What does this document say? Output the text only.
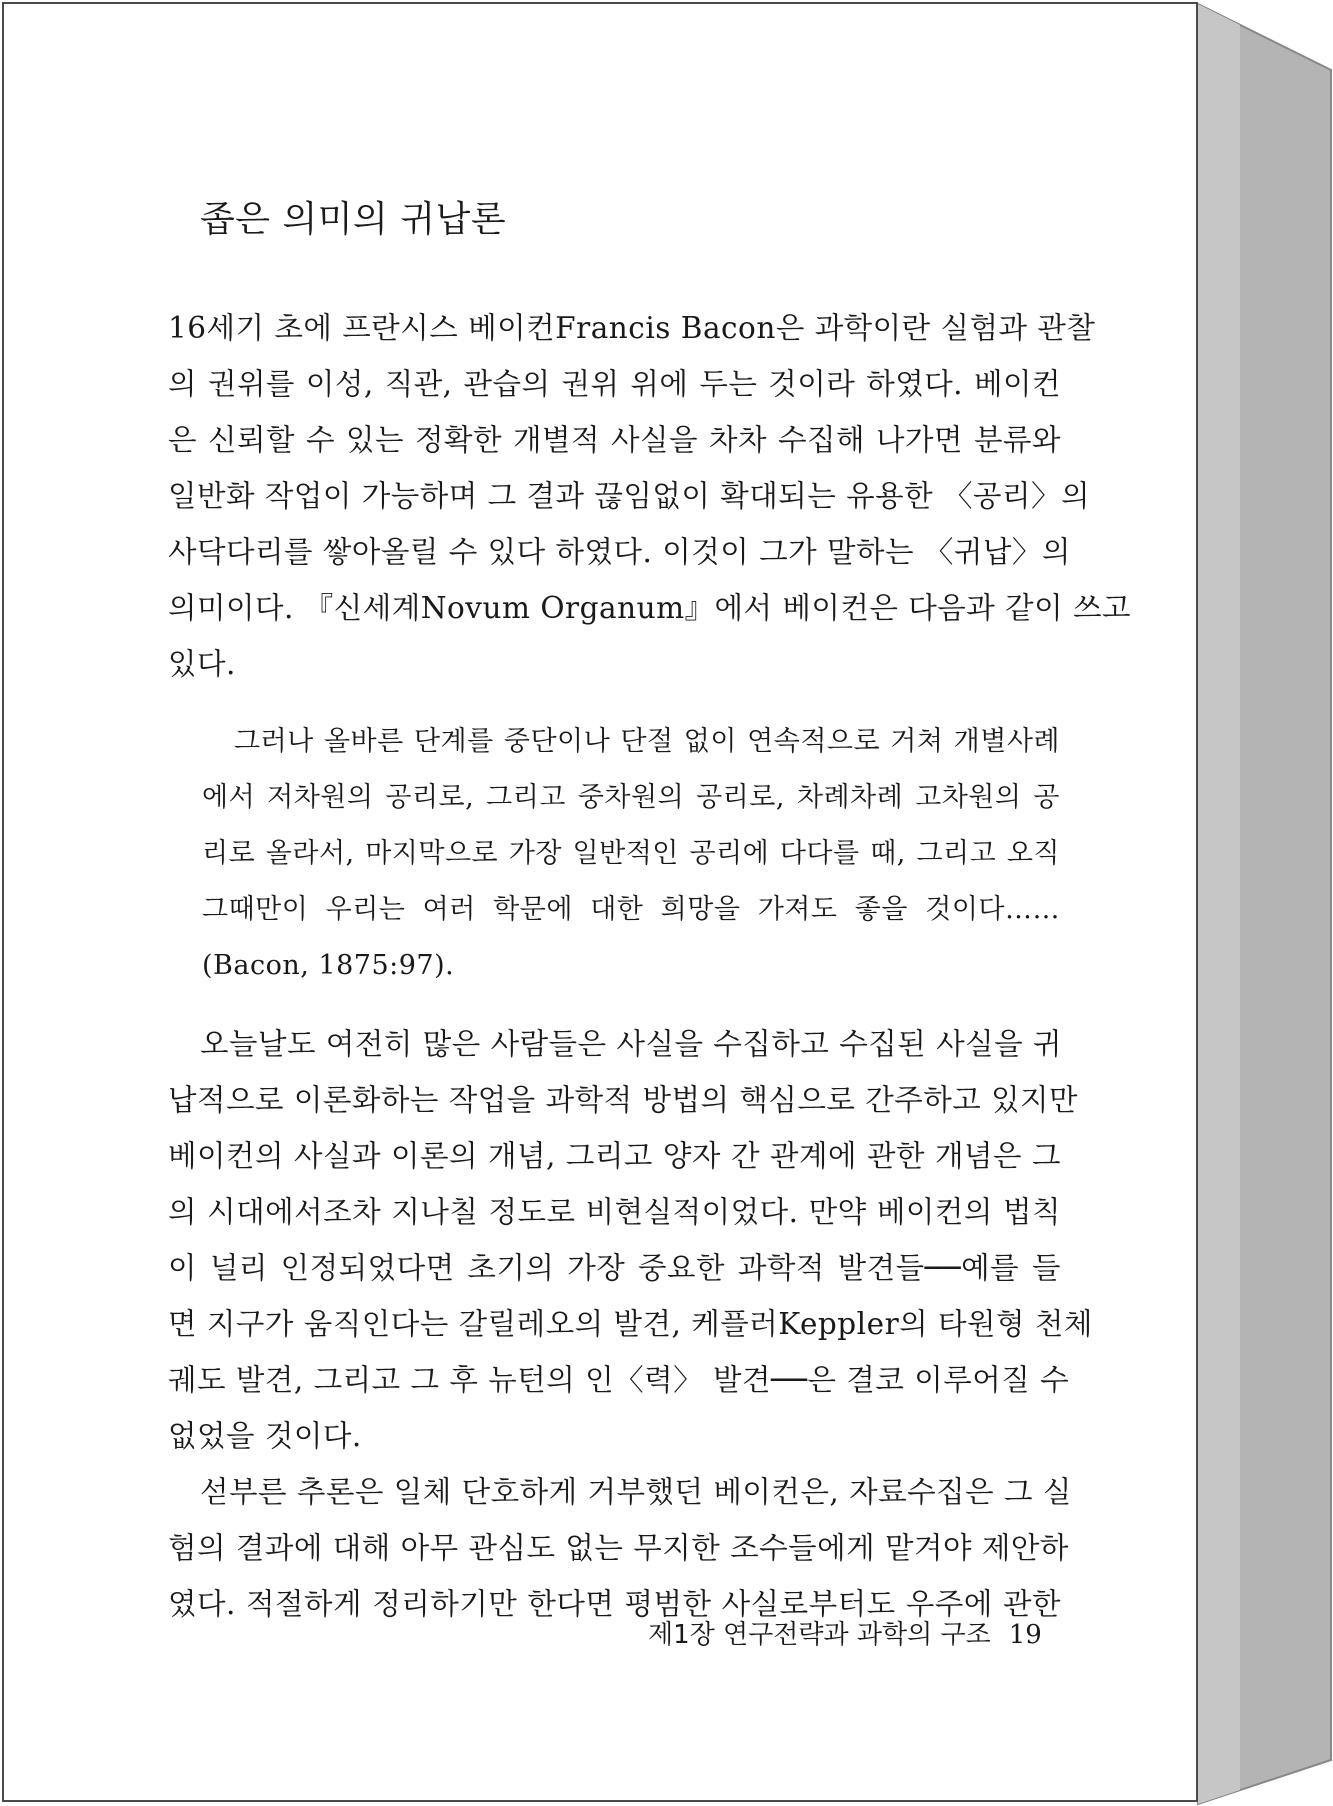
좁은 의미의 귀납론
16세기 초에 프란시스 베이컨Francis Bacon은 과학이란 실험과 관찰
의 권위를 이성, 직관, 관습의 권위 위에 두는 것이라 하였다. 베이컨
은 신뢰할 수 있는 정확한 개별적 사실을 차차 수집해 나가면 분류와
일반화 작업이 가능하며 그 결과 끊임없이 확대되는 유용한 〈공리〉의
사닥다리를 쌓아올릴 수 있다 하였다. 이것이 그가 말하는 〈귀납〉의
의미이다. 『신세계Novum Organum』에서 베이컨은 다음과 같이 쓰고
있다.
그러나 올바른 단계를 중단이나 단절 없이 연속적으로 거쳐 개별사례
에서 저차원의 공리로, 그리고 중차원의 공리로, 차례차례 고차원의 공
리로 올라서, 마지막으로 가장 일반적인 공리에 다다를 때, 그리고 오직
그때만이 우리는 여러 학문에 대한 희망을 가져도 좋을 것이다……
(Bacon, 1875:97).
오늘날도 여전히 많은 사람들은 사실을 수집하고 수집된 사실을 귀
납적으로 이론화하는 작업을 과학적 방법의 핵심으로 간주하고 있지만
베이컨의 사실과 이론의 개념, 그리고 양자 간 관계에 관한 개념은 그
의 시대에서조차 지나칠 정도로 비현실적이었다. 만약 베이컨의 법칙
이 널리 인정되었다면 초기의 가장 중요한 과학적 발견들──예를 들
면 지구가 움직인다는 갈릴레오의 발견, 케플러Keppler의 타원형 천체
궤도 발견, 그리고 그 후 뉴턴의 인〈력〉 발견──은 결코 이루어질 수
없었을 것이다.
섣부른 추론은 일체 단호하게 거부했던 베이컨은, 자료수집은 그 실
험의 결과에 대해 아무 관심도 없는 무지한 조수들에게 맡겨야 제안하
였다. 적절하게 정리하기만 한다면 평범한 사실로부터도 우주에 관한
제1장 연구전략과 과학의 구조 19
